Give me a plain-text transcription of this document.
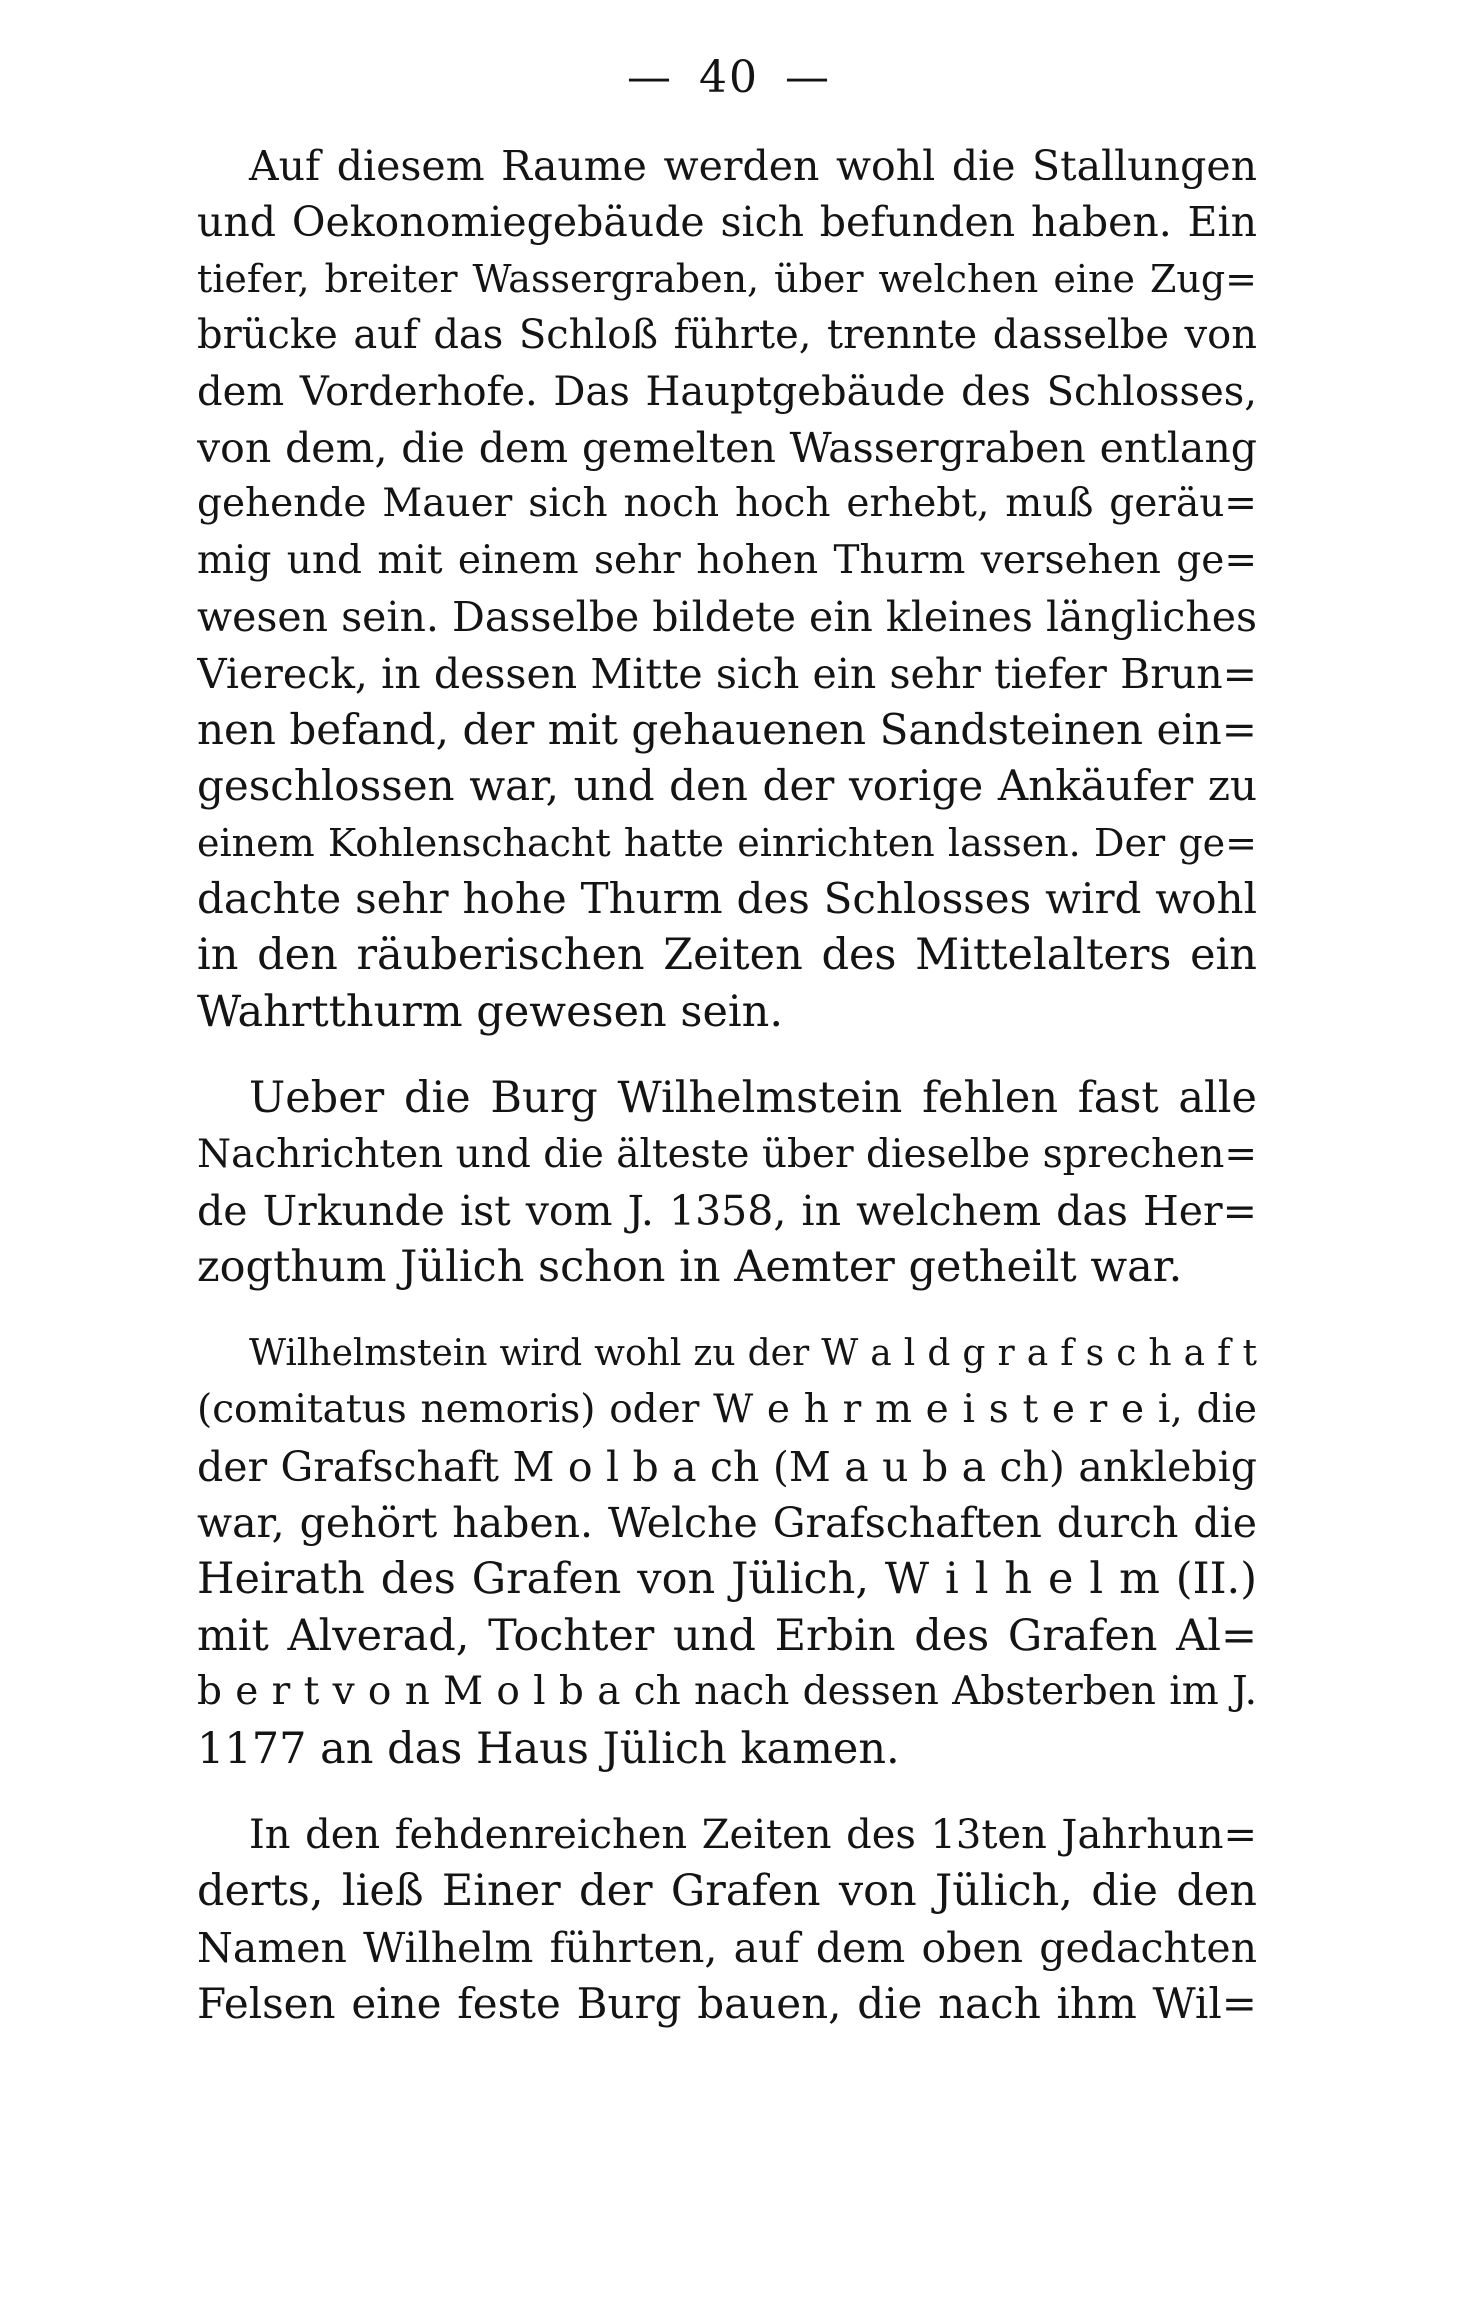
— 40 —
Auf diesem Raume werden wohl die Stallungen
und Oekonomiegebäude sich befunden haben. Ein
tiefer, breiter Wassergraben, über welchen eine Zug=
brücke auf das Schloß führte, trennte dasselbe von
dem Vorderhofe. Das Hauptgebäude des Schlosses,
von dem, die dem gemelten Wassergraben entlang
gehende Mauer sich noch hoch erhebt, muß geräu=
mig und mit einem sehr hohen Thurm versehen ge=
wesen sein. Dasselbe bildete ein kleines längliches
Viereck, in dessen Mitte sich ein sehr tiefer Brun=
nen befand, der mit gehauenen Sandsteinen ein=
geschlossen war, und den der vorige Ankäufer zu
einem Kohlenschacht hatte einrichten lassen. Der ge=
dachte sehr hohe Thurm des Schlosses wird wohl
in den räuberischen Zeiten des Mittelalters ein
Wahrtthurm gewesen sein.
Ueber die Burg Wilhelmstein fehlen fast alle
Nachrichten und die älteste über dieselbe sprechen=
de Urkunde ist vom J. 1358, in welchem das Her=
zogthum Jülich schon in Aemter getheilt war.
Wilhelmstein wird wohl zu der W a l d g r a f s c h a f t
(comitatus nemoris) oder W e h r m e i s t e r e i, die
der Grafschaft M o l b a ch (M a u b a ch) anklebig
war, gehört haben. Welche Grafschaften durch die
Heirath des Grafen von Jülich, W i l h e l m (II.)
mit Alverad, Tochter und Erbin des Grafen Al=
b e r t v o n M o l b a ch nach dessen Absterben im J.
1177 an das Haus Jülich kamen.
In den fehdenreichen Zeiten des 13ten Jahrhun=
derts, ließ Einer der Grafen von Jülich, die den
Namen Wilhelm führten, auf dem oben gedachten
Felsen eine feste Burg bauen, die nach ihm Wil=
